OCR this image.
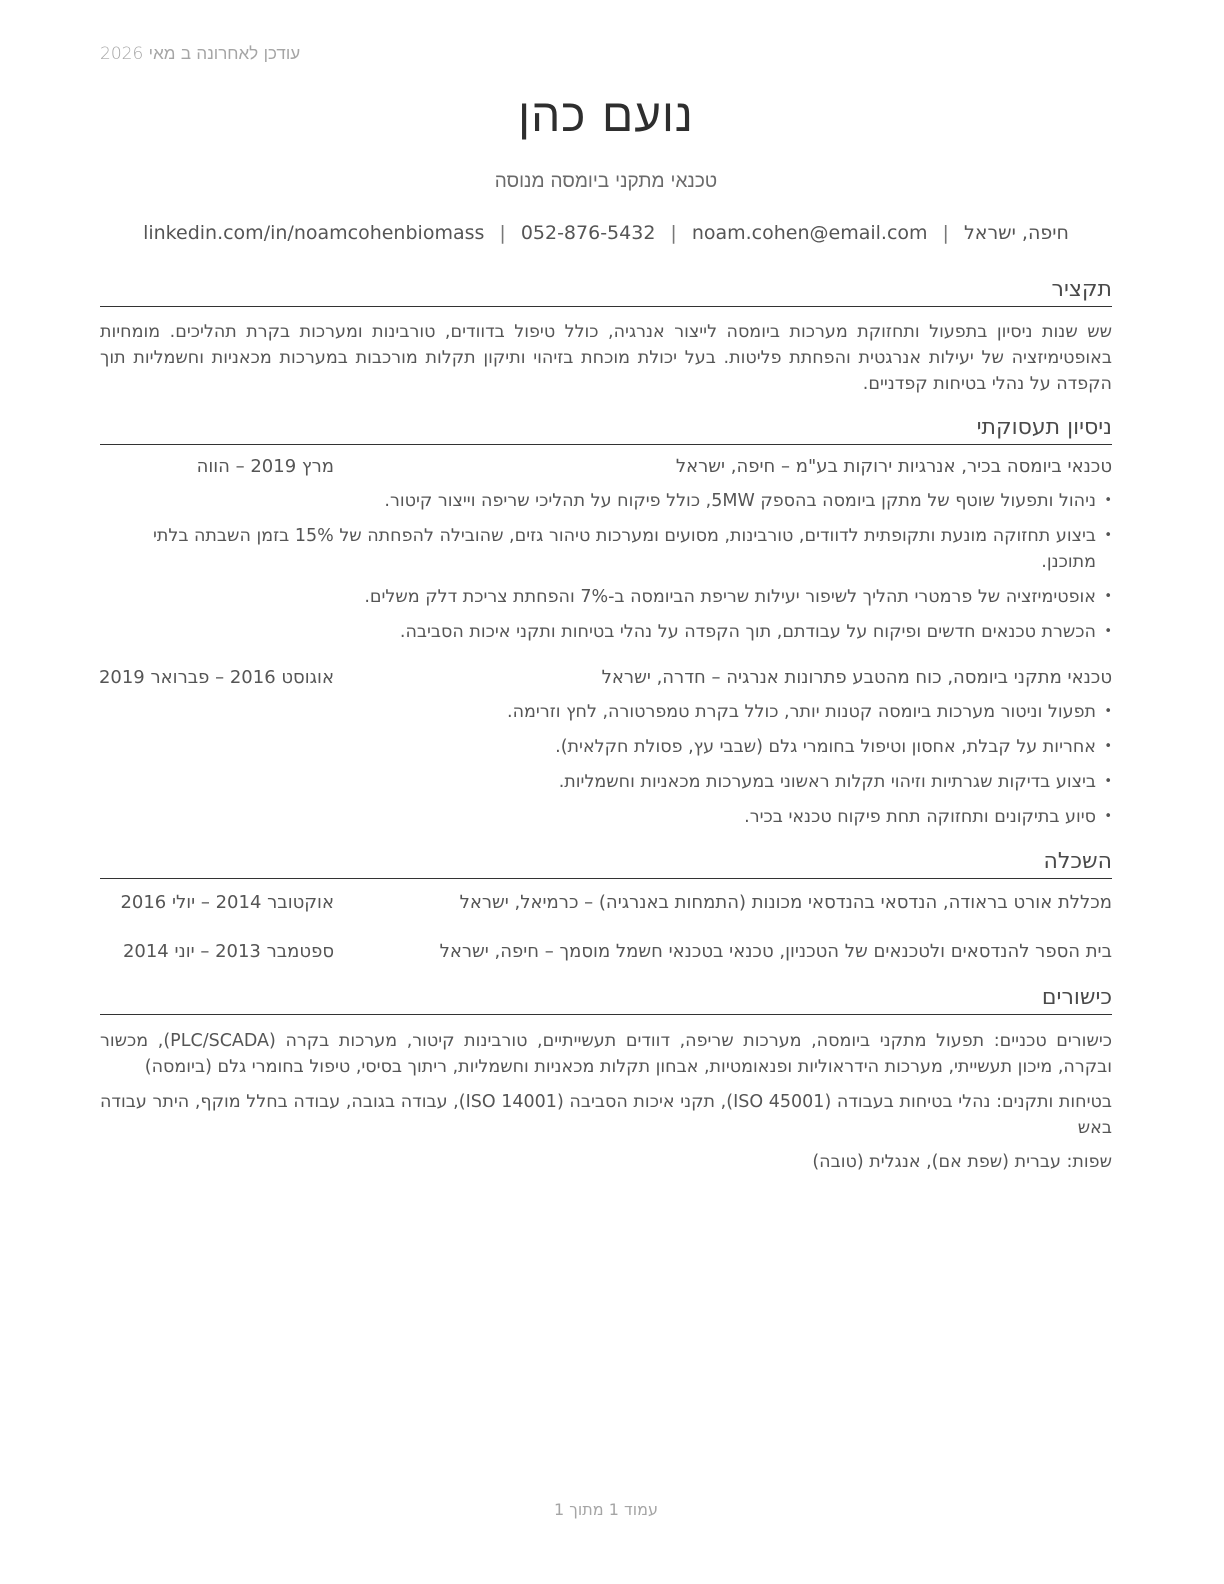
עודכן לאחרונה ב מאי 2026
נועם כהן
טכנאי מתקני ביומסה מנוסה
חיפה, ישראל|noam.cohen@email.com|052-876-5432|linkedin.com/in/noamcohenbiomass
תקציר
שש שנות ניסיון בתפעול ותחזוקת מערכות ביומסה לייצור אנרגיה, כולל טיפול בדוודים, טורבינות ומערכות בקרת תהליכים. מומחיות באופטימיזציה של יעילות אנרגטית והפחתת פליטות. בעל יכולת מוכחת בזיהוי ותיקון תקלות מורכבות במערכות מכאניות וחשמליות תוך הקפדה על נהלי בטיחות קפדניים.
ניסיון תעסוקתי
טכנאי ביומסה בכיר, אנרגיות ירוקות בע"מ – חיפה, ישראל
מרץ 2019 – הווה
• ניהול ותפעול שוטף של מתקן ביומסה בהספק 5MW, כולל פיקוח על תהליכי שריפה וייצור קיטור.
• ביצוע תחזוקה מונעת ותקופתית לדוודים, טורבינות, מסועים ומערכות טיהור גזים, שהובילה להפחתה של 15% בזמן השבתה בלתי מתוכנן.
• אופטימיזציה של פרמטרי תהליך לשיפור יעילות שריפת הביומסה ב-7% והפחתת צריכת דלק משלים.
• הכשרת טכנאים חדשים ופיקוח על עבודתם, תוך הקפדה על נהלי בטיחות ותקני איכות הסביבה.
טכנאי מתקני ביומסה, כוח מהטבע פתרונות אנרגיה – חדרה, ישראל
אוגוסט 2016 – פברואר 2019
• תפעול וניטור מערכות ביומסה קטנות יותר, כולל בקרת טמפרטורה, לחץ וזרימה.
• אחריות על קבלת, אחסון וטיפול בחומרי גלם (שבבי עץ, פסולת חקלאית).
• ביצוע בדיקות שגרתיות וזיהוי תקלות ראשוני במערכות מכאניות וחשמליות.
• סיוע בתיקונים ותחזוקה תחת פיקוח טכנאי בכיר.
השכלה
מכללת אורט בראודה, הנדסאי בהנדסאי מכונות (התמחות באנרגיה) – כרמיאל, ישראל
אוקטובר 2014 – יולי 2016
בית הספר להנדסאים ולטכנאים של הטכניון, טכנאי בטכנאי חשמל מוסמך – חיפה, ישראל
ספטמבר 2013 – יוני 2014
כישורים
כישורים טכניים: תפעול מתקני ביומסה, מערכות שריפה, דוודים תעשייתיים, טורבינות קיטור, מערכות בקרה (PLC/SCADA), מכשור ובקרה, מיכון תעשייתי, מערכות הידראוליות ופנאומטיות, אבחון תקלות מכאניות וחשמליות, ריתוך בסיסי, טיפול בחומרי גלם (ביומסה)
בטיחות ותקנים: נהלי בטיחות בעבודה (ISO 45001), תקני איכות הסביבה (ISO 14001), עבודה בגובה, עבודה בחלל מוקף, היתר עבודה באש
שפות: עברית (שפת אם), אנגלית (טובה)
עמוד 1 מתוך 1
